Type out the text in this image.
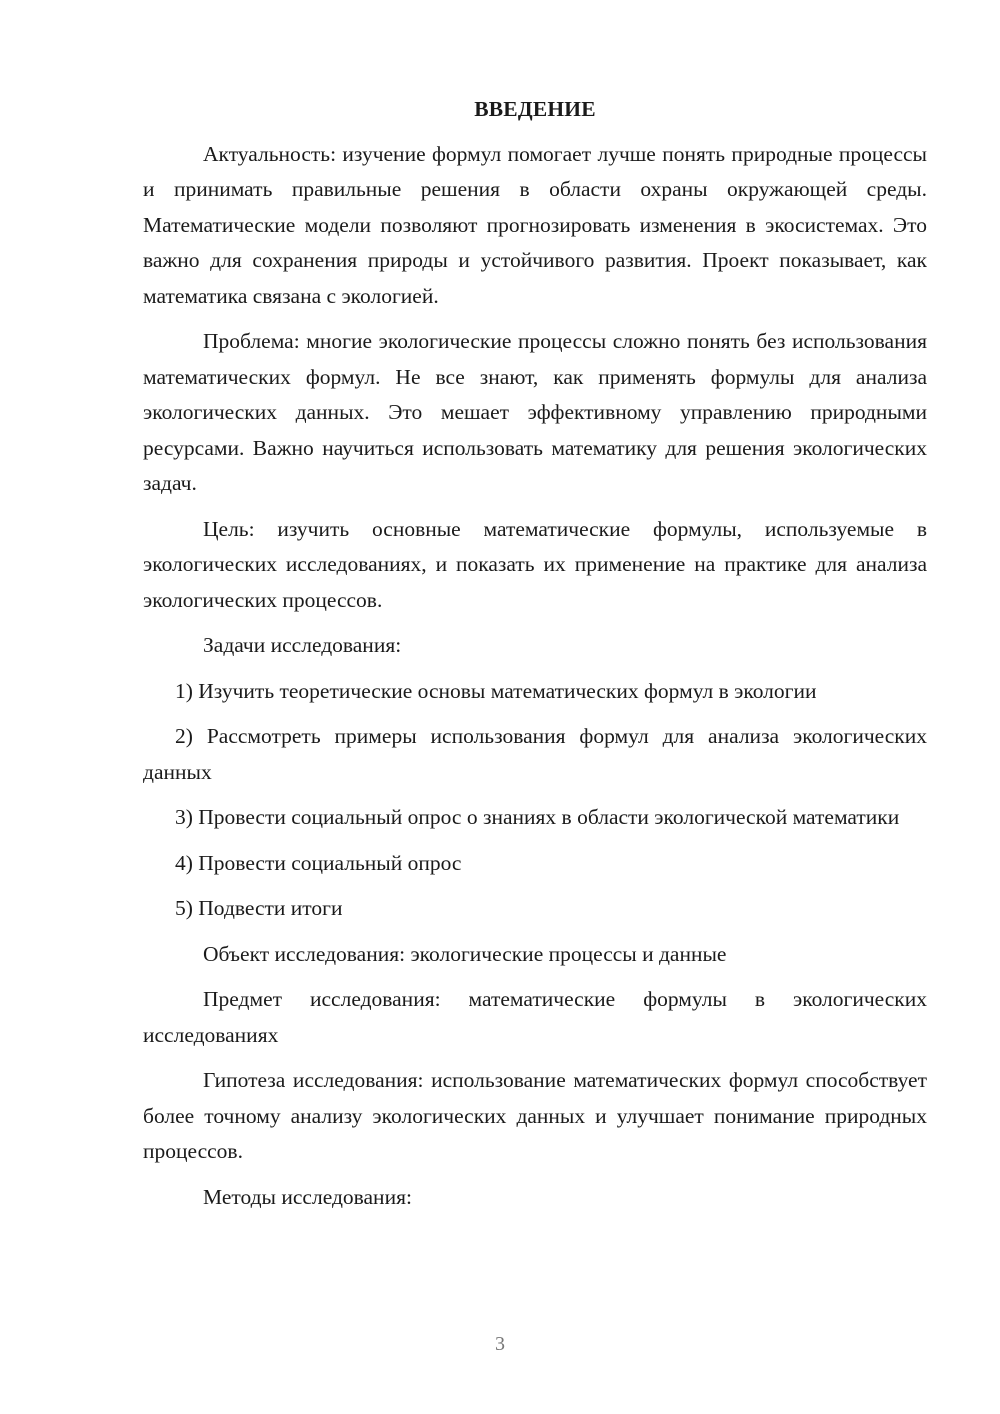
ВВЕДЕНИЕ

Актуальность: изучение формул помогает лучше понять природные процессы и принимать правильные решения в области охраны окружающей среды. Математические модели позволяют прогнозировать изменения в экосистемах. Это важно для сохранения природы и устойчивого развития. Проект показывает, как математика связана с экологией.

Проблема: многие экологические процессы сложно понять без использования математических формул. Не все знают, как применять формулы для анализа экологических данных. Это мешает эффективному управлению природными ресурсами. Важно научиться использовать математику для решения экологических задач.

Цель: изучить основные математические формулы, используемые в экологических исследованиях, и показать их применение на практике для анализа экологических процессов.

Задачи исследования:

1) Изучить теоретические основы математических формул в экологии

2) Рассмотреть примеры использования формул для анализа экологических данных

3) Провести социальный опрос о знаниях в области экологической математики

4) Провести социальный опрос

5) Подвести итоги

Объект исследования: экологические процессы и данные

Предмет исследования: математические формулы в экологических исследованиях

Гипотеза исследования: использование математических формул способствует более точному анализу экологических данных и улучшает понимание природных процессов.

Методы исследования:

3
